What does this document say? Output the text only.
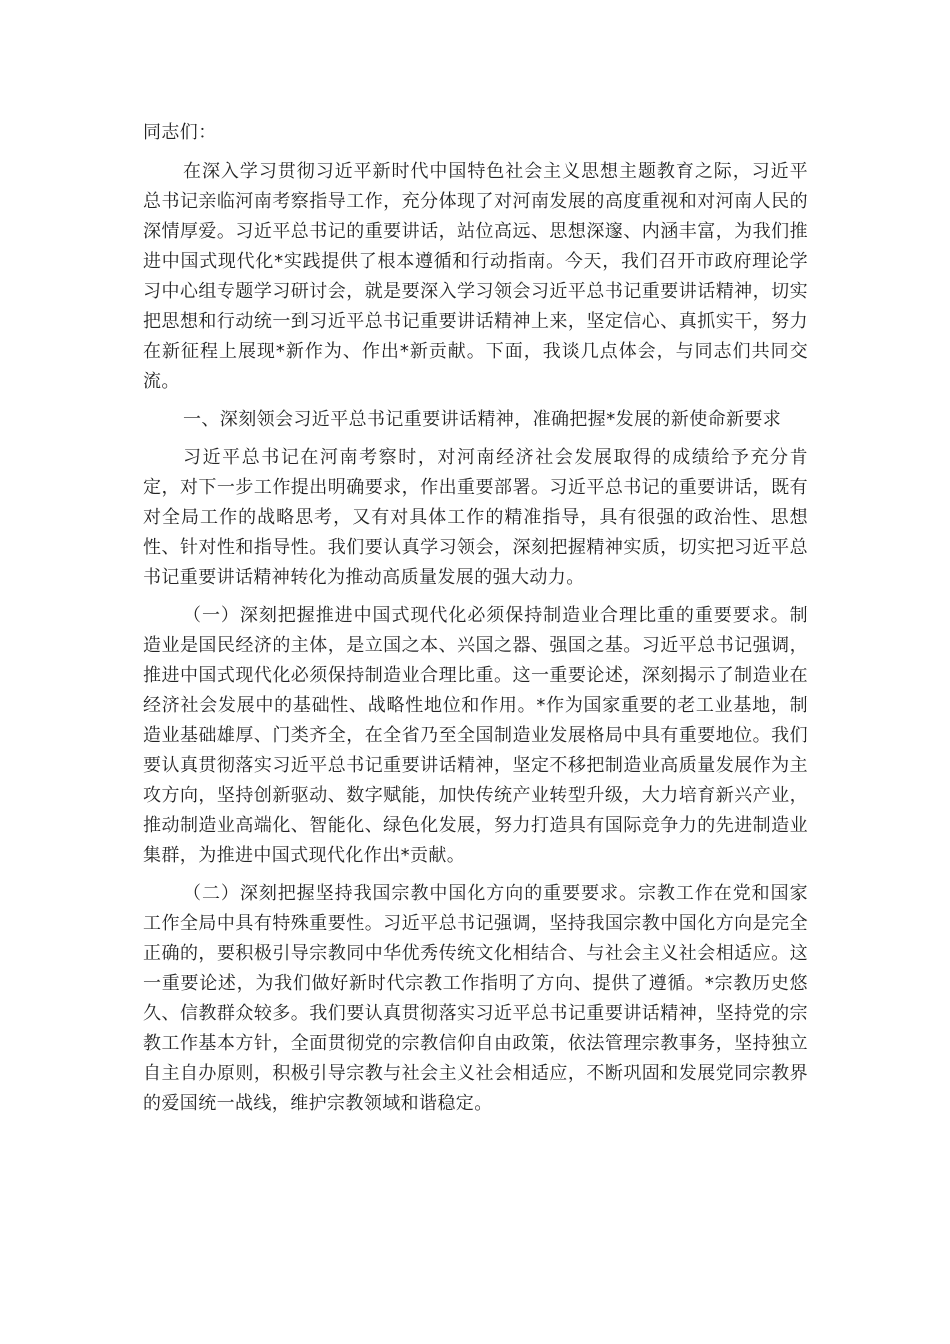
同志们：

在深入学习贯彻习近平新时代中国特色社会主义思想主题教育之际，习近平总书记亲临河南考察指导工作，充分体现了对河南发展的高度重视和对河南人民的深情厚爱。习近平总书记的重要讲话，站位高远、思想深邃、内涵丰富，为我们推进中国式现代化*实践提供了根本遵循和行动指南。今天，我们召开市政府理论学习中心组专题学习研讨会，就是要深入学习领会习近平总书记重要讲话精神，切实把思想和行动统一到习近平总书记重要讲话精神上来，坚定信心、真抓实干，努力在新征程上展现*新作为、作出*新贡献。下面，我谈几点体会，与同志们共同交流。

一、深刻领会习近平总书记重要讲话精神，准确把握*发展的新使命新要求

习近平总书记在河南考察时，对河南经济社会发展取得的成绩给予充分肯定，对下一步工作提出明确要求，作出重要部署。习近平总书记的重要讲话，既有对全局工作的战略思考，又有对具体工作的精准指导，具有很强的政治性、思想性、针对性和指导性。我们要认真学习领会，深刻把握精神实质，切实把习近平总书记重要讲话精神转化为推动高质量发展的强大动力。

（一）深刻把握推进中国式现代化必须保持制造业合理比重的重要要求。制造业是国民经济的主体，是立国之本、兴国之器、强国之基。习近平总书记强调，推进中国式现代化必须保持制造业合理比重。这一重要论述，深刻揭示了制造业在经济社会发展中的基础性、战略性地位和作用。*作为国家重要的老工业基地，制造业基础雄厚、门类齐全，在全省乃至全国制造业发展格局中具有重要地位。我们要认真贯彻落实习近平总书记重要讲话精神，坚定不移把制造业高质量发展作为主攻方向，坚持创新驱动、数字赋能，加快传统产业转型升级，大力培育新兴产业，推动制造业高端化、智能化、绿色化发展，努力打造具有国际竞争力的先进制造业集群，为推进中国式现代化作出*贡献。

（二）深刻把握坚持我国宗教中国化方向的重要要求。宗教工作在党和国家工作全局中具有特殊重要性。习近平总书记强调，坚持我国宗教中国化方向是完全正确的，要积极引导宗教同中华优秀传统文化相结合、与社会主义社会相适应。这一重要论述，为我们做好新时代宗教工作指明了方向、提供了遵循。*宗教历史悠久、信教群众较多。我们要认真贯彻落实习近平总书记重要讲话精神，坚持党的宗教工作基本方针，全面贯彻党的宗教信仰自由政策，依法管理宗教事务，坚持独立自主自办原则，积极引导宗教与社会主义社会相适应，不断巩固和发展党同宗教界的爱国统一战线，维护宗教领域和谐稳定。
